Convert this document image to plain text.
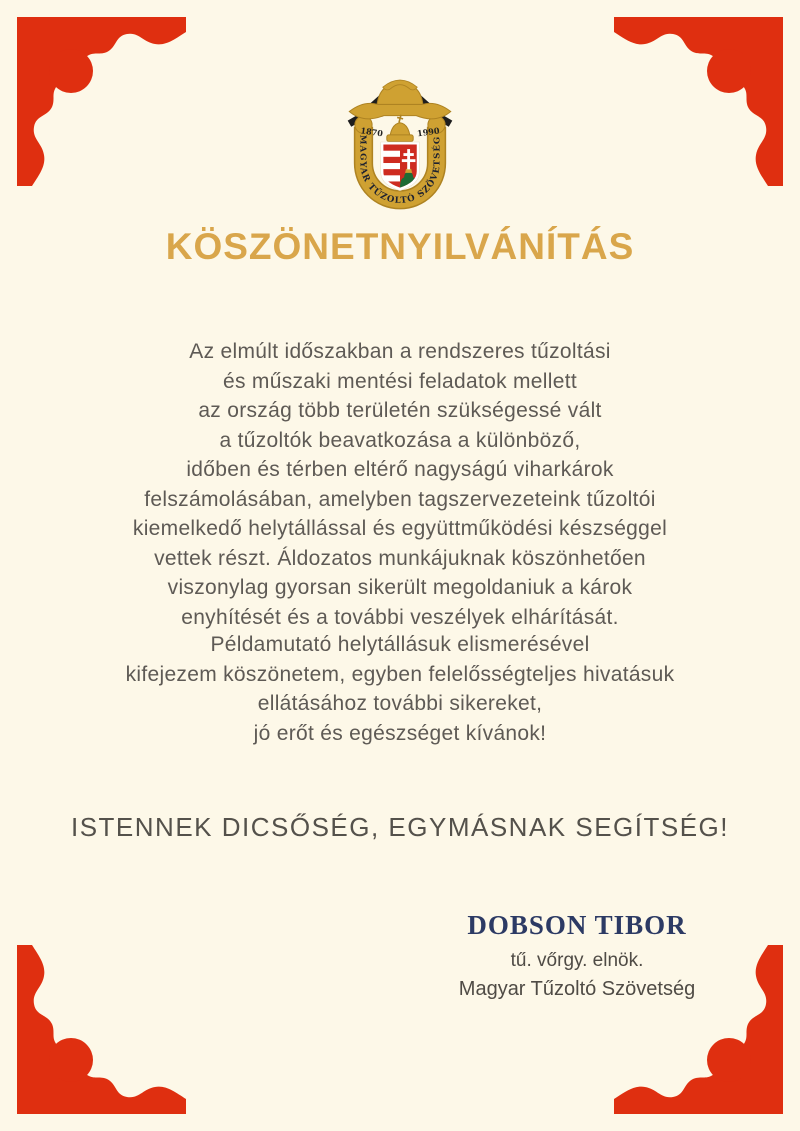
MAGYAR TŰZOLTÓ SZÖVETSÉG
1870	1990
KÖSZÖNETNYILVÁNÍTÁS
Az elmúlt időszakban a rendszeres tűzoltási
és műszaki mentési feladatok mellett
az ország több területén szükségessé vált
a tűzoltók beavatkozása a különböző,
időben és térben eltérő nagyságú viharkárok
felszámolásában, amelyben tagszervezeteink tűzoltói
kiemelkedő helytállással és együttműködési készséggel
vettek részt. Áldozatos munkájuknak köszönhetően
viszonylag gyorsan sikerült megoldaniuk a károk
enyhítését és a további veszélyek elhárítását.
Példamutató helytállásuk elismerésével
kifejezem köszönetem, egyben felelősségteljes hivatásuk
ellátásához további sikereket,
jó erőt és egészséget kívánok!
ISTENNEK DICSŐSÉG, EGYMÁSNAK SEGÍTSÉG!
DOBSON TIBOR
tű. vőrgy. elnök.
Magyar Tűzoltó Szövetség
